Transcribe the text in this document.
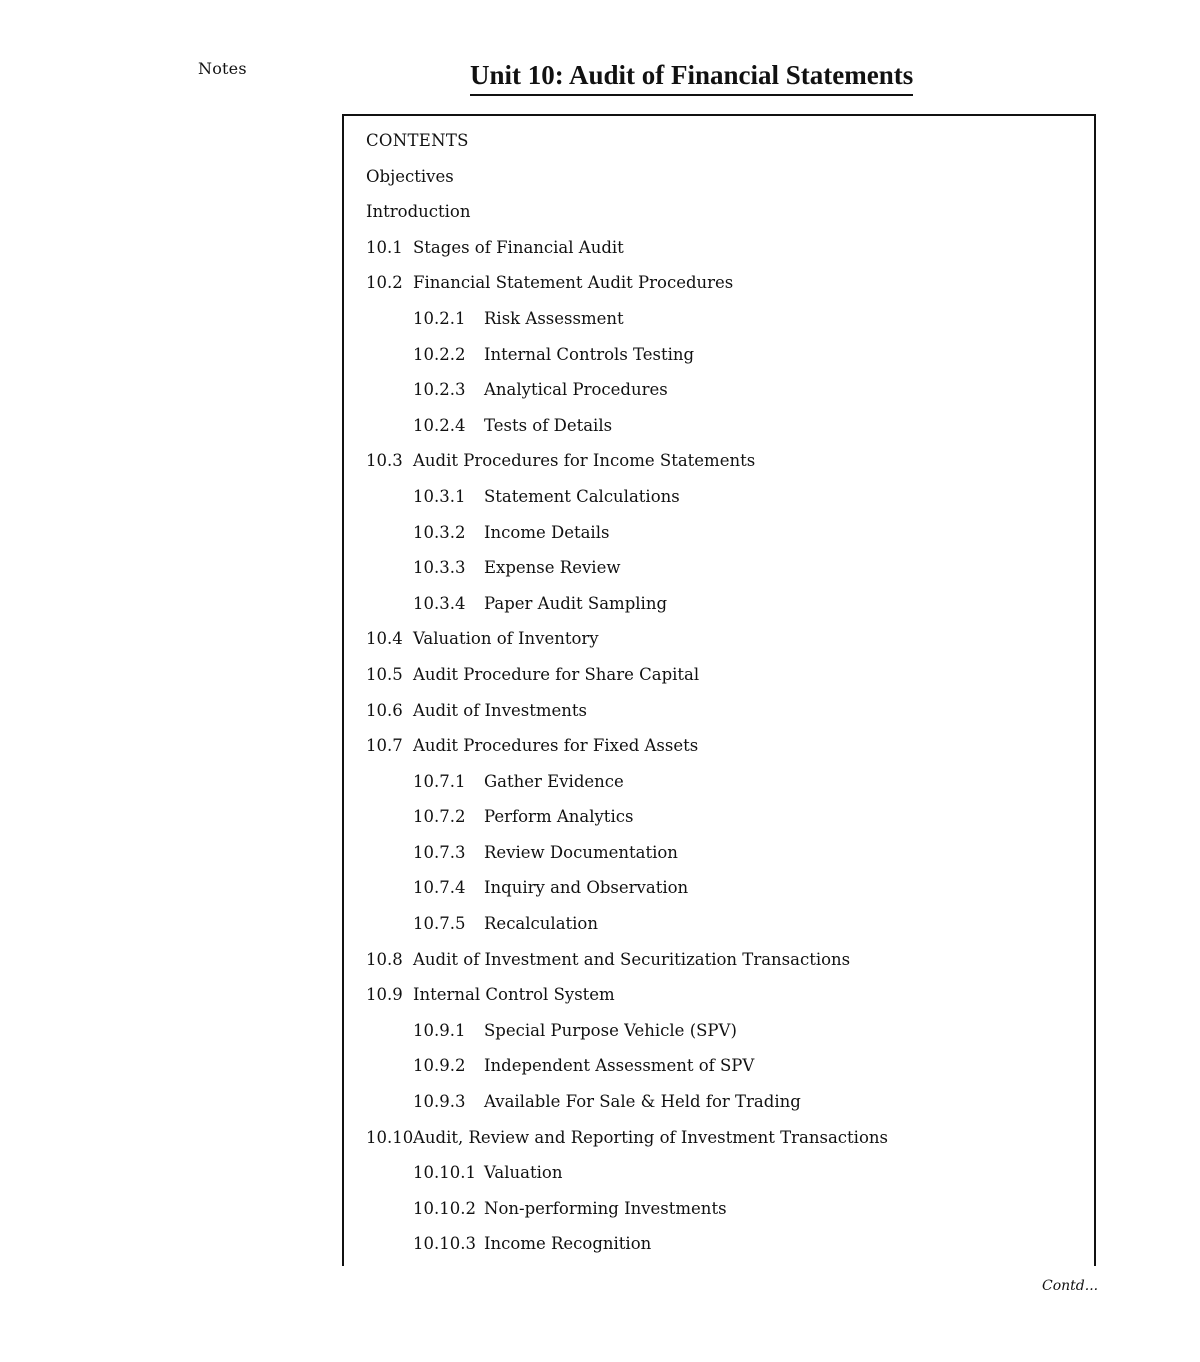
Notes	Unit 10: Audit of Financial Statements
CONTENTS
Objectives
Introduction
10.1 Stages of Financial Audit
10.2 Financial Statement Audit Procedures
10.2.1	Risk Assessment
10.2.2	Internal Controls Testing
10.2.3	Analytical Procedures
10.2.4	Tests of Details
10.3 Audit Procedures for Income Statements
10.3.1	Statement Calculations
10.3.2	Income Details
10.3.3	Expense Review
10.3.4	Paper Audit Sampling
10.4 Valuation of Inventory
10.5 Audit Procedure for Share Capital
10.6 Audit of Investments
10.7 Audit Procedures for Fixed Assets
10.7.1	Gather Evidence
10.7.2	Perform Analytics
10.7.3	Review Documentation
10.7.4	Inquiry and Observation
10.7.5	Recalculation
10.8 Audit of Investment and Securitization Transactions
10.9 Internal Control System
10.9.1	Special Purpose Vehicle (SPV)
10.9.2	Independent Assessment of SPV
10.9.3	Available For Sale & Held for Trading
10.10 Audit, Review and Reporting of Investment Transactions
10.10.1 Valuation
10.10.2 Non-performing Investments
10.10.3 Income Recognition
Contd...
